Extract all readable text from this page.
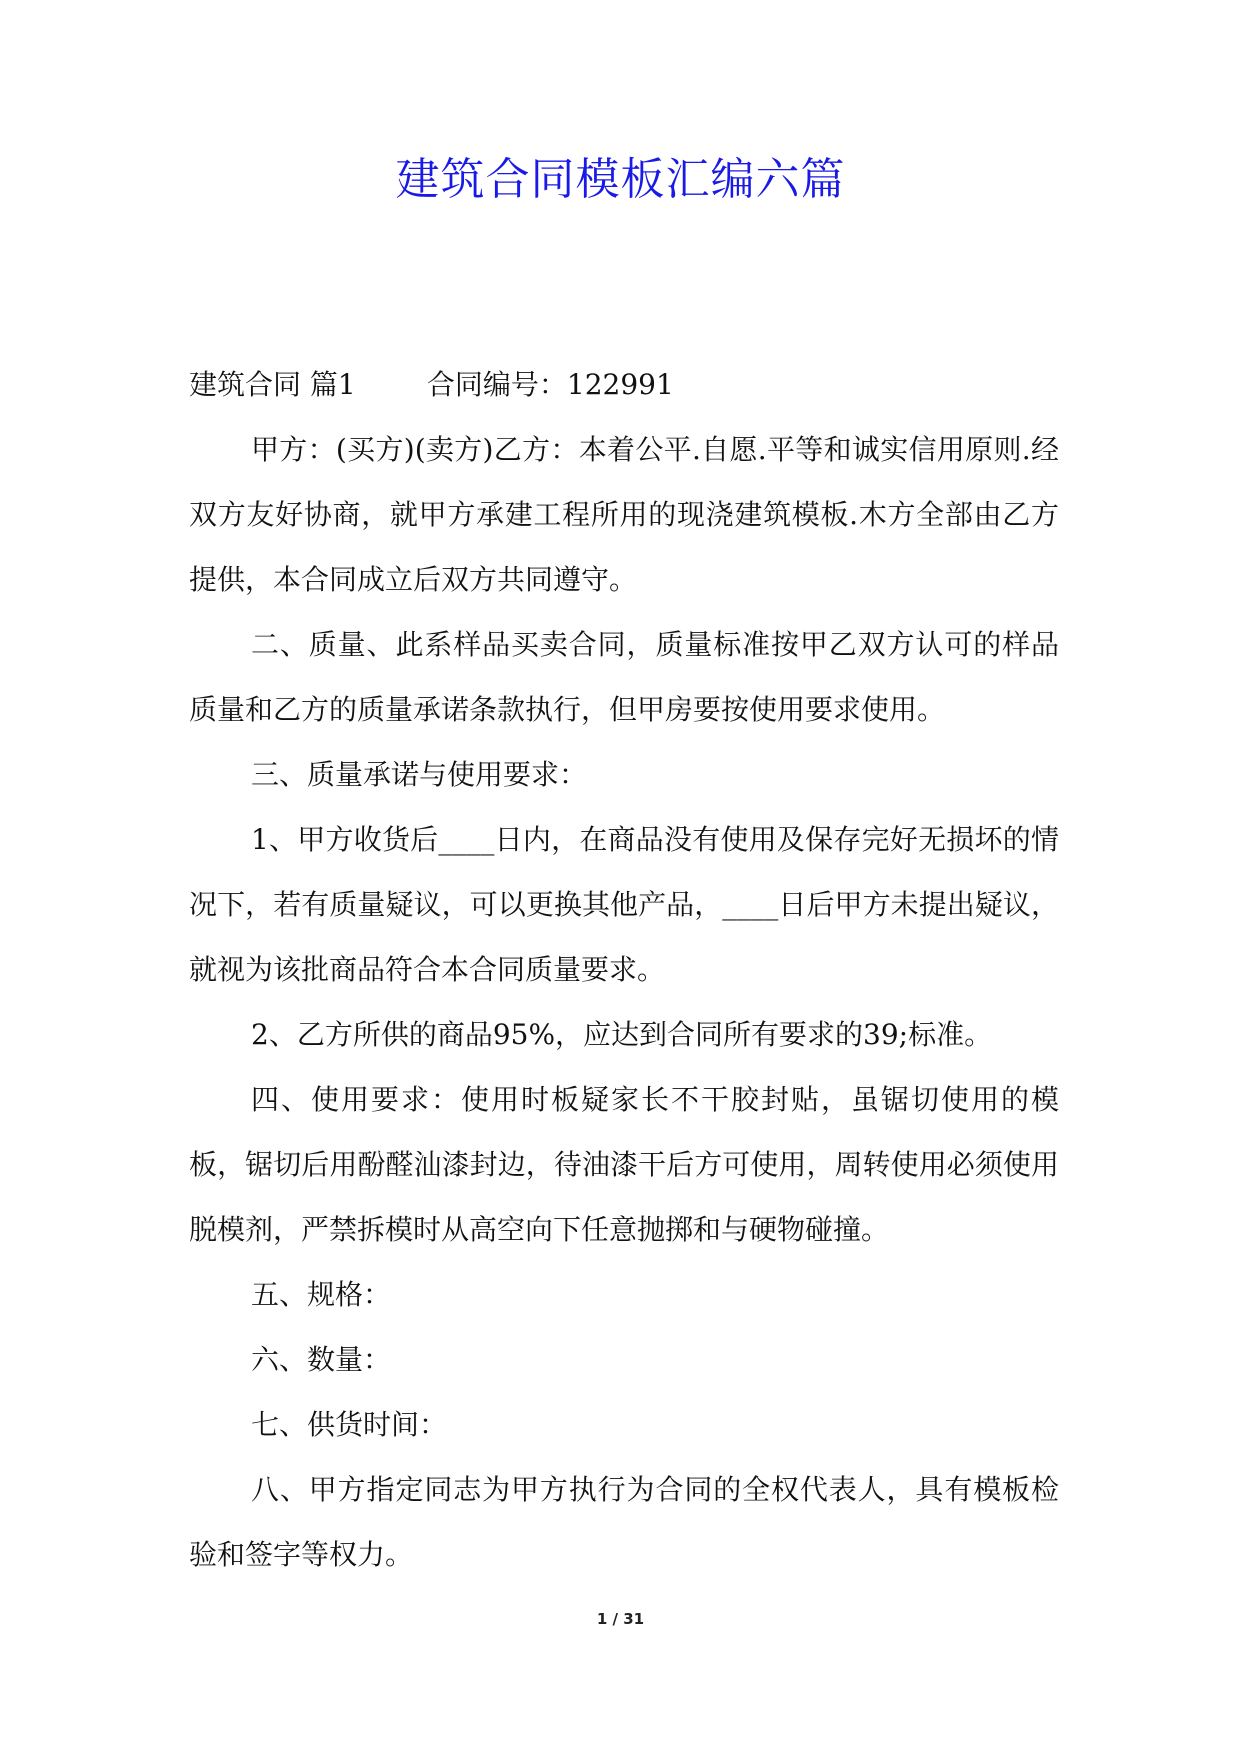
建筑合同模板汇编六篇

建筑合同 篇1	合同编号：122991

甲方：(买方)(卖方)乙方：本着公平.自愿.平等和诚实信用原则.经双方友好协商，就甲方承建工程所用的现浇建筑模板.木方全部由乙方提供，本合同成立后双方共同遵守。

二、质量、此系样品买卖合同，质量标准按甲乙双方认可的样品质量和乙方的质量承诺条款执行，但甲房要按使用要求使用。

三、质量承诺与使用要求：

1、甲方收货后____日内，在商品没有使用及保存完好无损坏的情况下，若有质量疑议，可以更换其他产品，____日后甲方未提出疑议，就视为该批商品符合本合同质量要求。

2、乙方所供的商品95%，应达到合同所有要求的39;标准。

四、使用要求：使用时板疑家长不干胶封贴，虽锯切使用的模板，锯切后用酚醛汕漆封边，待油漆干后方可使用，周转使用必须使用脱模剂，严禁拆模时从高空向下任意抛掷和与硬物碰撞。

五、规格：

六、数量：

七、供货时间：

八、甲方指定同志为甲方执行为合同的全权代表人，具有模板检验和签字等权力。

1 / 31
